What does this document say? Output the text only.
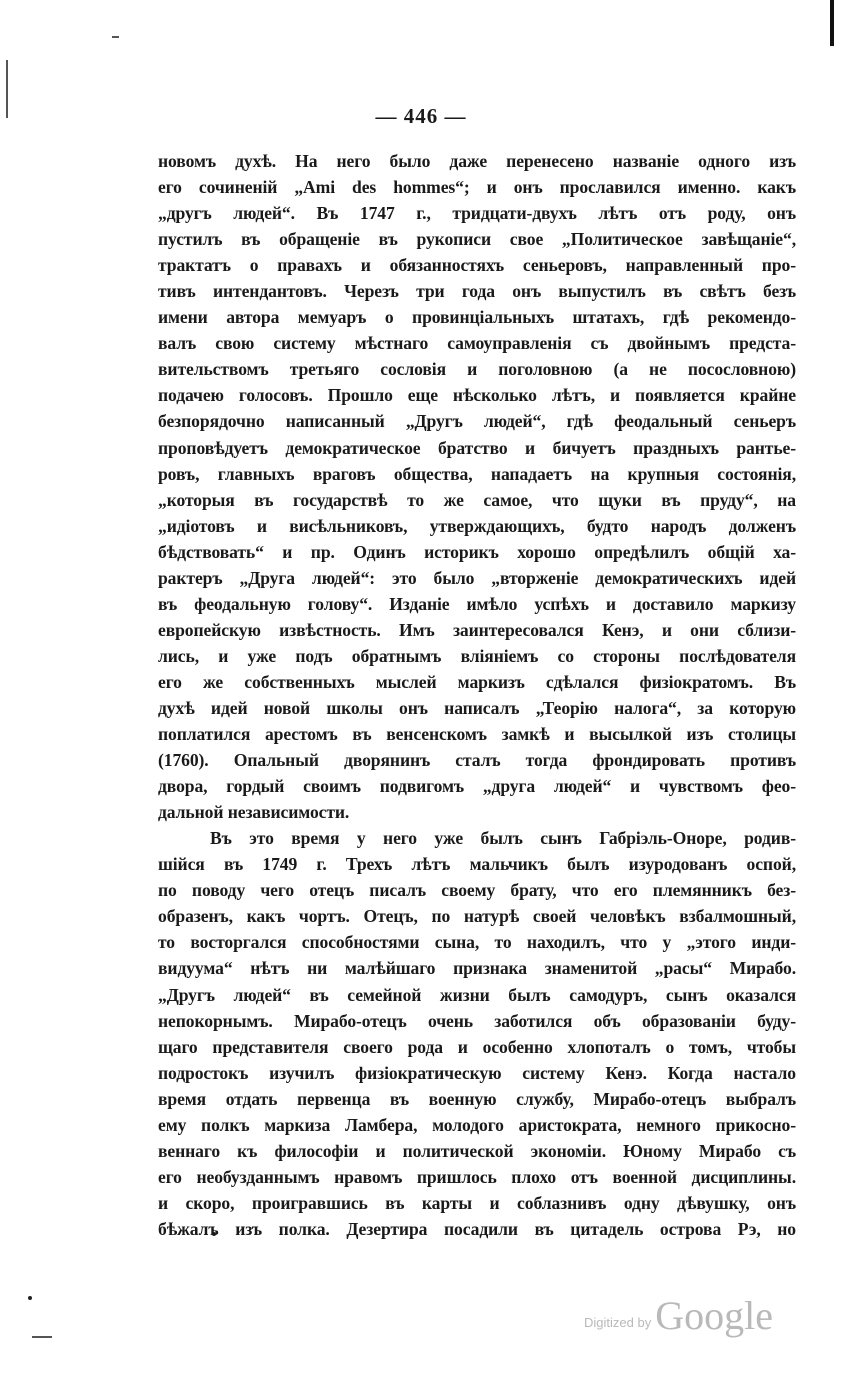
— 446 —
новомъ духѣ. На него было даже перенесено названіе одного изъ
его сочиненій „Ami des hommes“; и онъ прославился именно. какъ
„другъ людей“. Въ 1747 г., тридцати-двухъ лѣтъ отъ роду, онъ
пустилъ въ обращеніе въ рукописи свое „Политическое завѣщаніе“,
трактатъ о правахъ и обязанностяхъ сеньеровъ, направленный про-
тивъ интендантовъ. Черезъ три года онъ выпустилъ въ свѣтъ безъ
имени автора мемуаръ о провинціальныхъ штатахъ, гдѣ рекомендо-
валъ свою систему мѣстнаго самоуправленія съ двойнымъ предста-
вительствомъ третьяго сословія и поголовною (а не посословною)
подачею голосовъ. Прошло еще нѣсколько лѣтъ, и появляется крайне
безпорядочно написанный „Другъ людей“, гдѣ феодальный сеньеръ
проповѣдуетъ демократическое братство и бичуетъ праздныхъ рантье-
ровъ, главныхъ враговъ общества, нападаетъ на крупныя состоянія,
„которыя въ государствѣ то же самое, что щуки въ пруду“, на
„идіотовъ и висѣльниковъ, утверждающихъ, будто народъ долженъ
бѣдствовать“ и пр. Одинъ историкъ хорошо опредѣлилъ общій ха-
рактеръ „Друга людей“: это было „вторженіе демократическихъ идей
въ феодальную голову“. Изданіе имѣло успѣхъ и доставило маркизу
европейскую извѣстность. Имъ заинтересовался Кенэ, и они сблизи-
лись, и уже подъ обратнымъ вліяніемъ со стороны послѣдователя
его же собственныхъ мыслей маркизъ сдѣлался физіократомъ. Въ
духѣ идей новой школы онъ написалъ „Теорію налога“, за которую
поплатился арестомъ въ венсенскомъ замкѣ и высылкой изъ столицы
(1760). Опальный дворянинъ сталъ тогда фрондировать противъ
двора, гордый своимъ подвигомъ „друга людей“ и чувствомъ фео-
дальной независимости.
Въ это время у него уже былъ сынъ Габріэль-Оноре, родив-
шійся въ 1749 г. Трехъ лѣтъ мальчикъ былъ изуродованъ оспой,
по поводу чего отецъ писалъ своему брату, что его племянникъ без-
образенъ, какъ чортъ. Отецъ, по натурѣ своей человѣкъ взбалмошный,
то восторгался способностями сына, то находилъ, что у „этого инди-
видуума“ нѣтъ ни малѣйшаго признака знаменитой „расы“ Мирабо.
„Другъ людей“ въ семейной жизни былъ самодуръ, сынъ оказался
непокорнымъ. Мирабо-отецъ очень заботился объ образованіи буду-
щаго представителя своего рода и особенно хлопоталъ о томъ, чтобы
подростокъ изучилъ физіократическую систему Кенэ. Когда настало
время отдать первенца въ военную службу, Мирабо-отецъ выбралъ
ему полкъ маркиза Ламбера, молодого аристократа, немного прикосно-
веннаго къ философіи и политической экономіи. Юному Мирабо съ
его необузданнымъ нравомъ пришлось плохо отъ военной дисциплины.
и скоро, проигравшись въ карты и соблазнивъ одну дѣвушку, онъ
бѣжалъ изъ полка. Дезертира посадили въ цитадель острова Рэ, но
Digitized by Google
